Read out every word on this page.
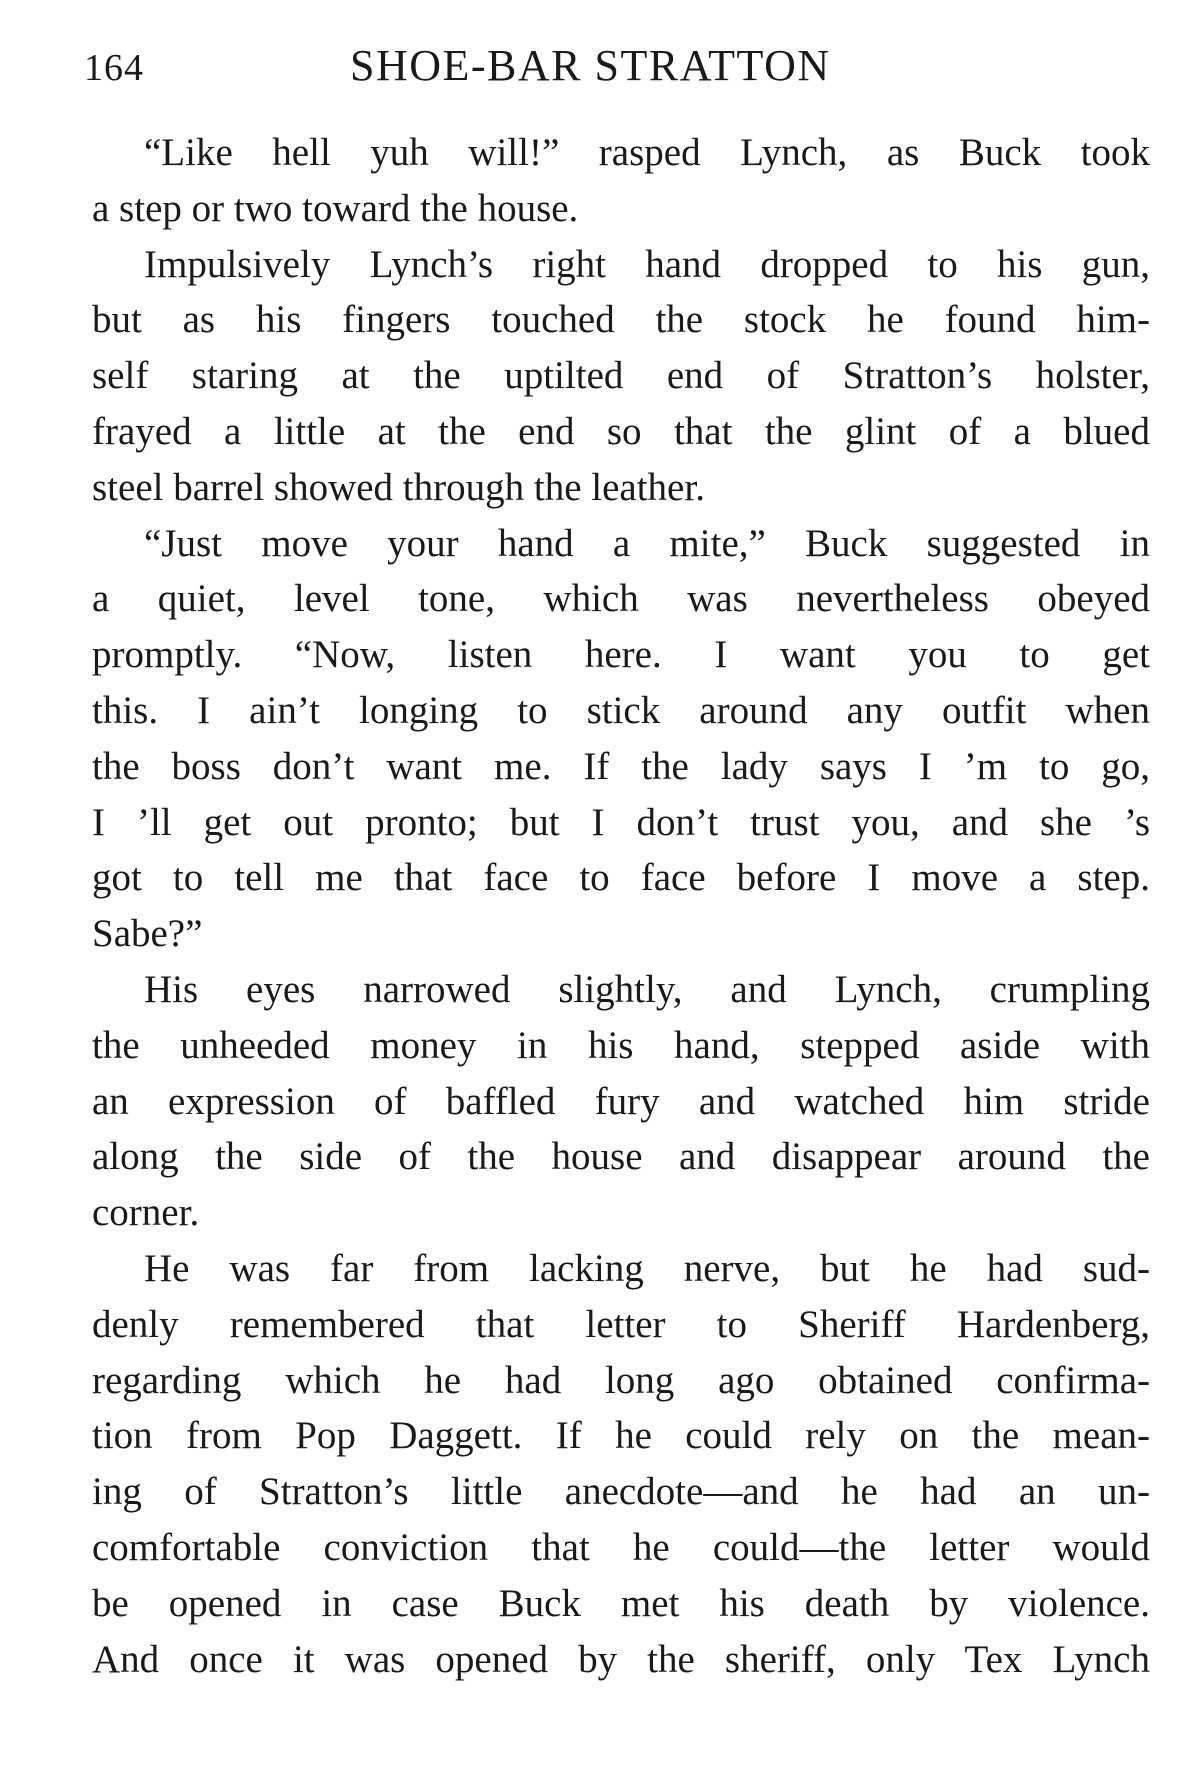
164	SHOE-BAR STRATTON
“Like hell yuh will!” rasped Lynch, as Buck took
a step or two toward the house.
Impulsively Lynch’s right hand dropped to his gun,
but as his fingers touched the stock he found him-
self staring at the uptilted end of Stratton’s holster,
frayed a little at the end so that the glint of a blued
steel barrel showed through the leather.
“Just move your hand a mite,” Buck suggested in
a quiet, level tone, which was nevertheless obeyed
promptly. “Now, listen here. I want you to get
this. I ain’t longing to stick around any outfit when
the boss don’t want me. If the lady says I ’m to go,
I ’ll get out pronto; but I don’t trust you, and she ’s
got to tell me that face to face before I move a step.
Sabe?”
His eyes narrowed slightly, and Lynch, crumpling
the unheeded money in his hand, stepped aside with
an expression of baffled fury and watched him stride
along the side of the house and disappear around the
corner.
He was far from lacking nerve, but he had sud-
denly remembered that letter to Sheriff Hardenberg,
regarding which he had long ago obtained confirma-
tion from Pop Daggett. If he could rely on the mean-
ing of Stratton’s little anecdote—and he had an un-
comfortable conviction that he could—the letter would
be opened in case Buck met his death by violence.
And once it was opened by the sheriff, only Tex Lynch
